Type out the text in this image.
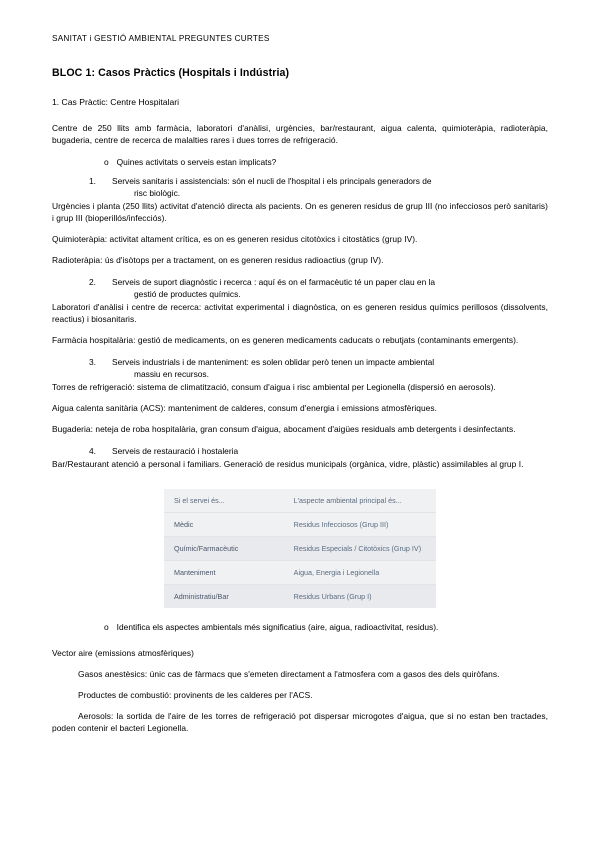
SANITAT i GESTIÓ AMBIENTAL PREGUNTES CURTES
BLOC 1: Casos Pràctics (Hospitals i Indústria)

1. Cas Pràctic: Centre Hospitalari

Centre de 250 llits amb farmàcia, laboratori d'anàlisi, urgències, bar/restaurant, aigua calenta, quimioteràpia, radioteràpia, bugaderia, centre de recerca de malalties rares i dues torres de refrigeració.

o Quines activitats o serveis estan implicats?
1.	Serveis sanitaris i assistencials: són el nucli de l'hospital i els principals generadors de
risc biològic.

Urgències i planta (250 llits) activitat d'atenció directa als pacients. On es generen residus de grup III (no infecciosos però sanitaris) i grup III (bioperillós/infecciós).

Quimioteràpia: activitat altament crítica, es on es generen residus citotòxics i citostàtics (grup IV).

Radioteràpia: ús d'isòtops per a tractament, on es generen residus radioactius (grup IV).

2.	Serveis de suport diagnòstic i recerca : aquí és on el farmacèutic té un paper clau en la
gestió de productes químics.

Laboratori d'anàlisi i centre de recerca: activitat experimental i diagnòstica, on es generen residus químics perillosos (dissolvents, reactius) i biosanitaris.

Farmàcia hospitalària: gestió de medicaments, on es generen medicaments caducats o rebutjats (contaminants emergents).

3.	Serveis industrials i de manteniment: es solen oblidar però tenen un impacte ambiental
massiu en recursos.

Torres de refrigeració: sistema de climatització, consum d'aigua i risc ambiental per Legionella (dispersió en aerosols).

Aigua calenta sanitària (ACS): manteniment de calderes, consum d'energia i emissions atmosfèriques.

Bugaderia: neteja de roba hospitalària, gran consum d'aigua, abocament d'aigües residuals amb detergents i desinfectants.

4.	Serveis de restauració i hostaleria

Bar/Restaurant atenció a personal i familiars. Generació de residus municipals (orgànica, vidre, plàstic) assimilables al grup I.

Si el servei és...	L'aspecte ambiental principal és...
Mèdic	Residus Infecciosos (Grup III)
Químic/Farmacèutic	Residus Especials / Citotòxics (Grup IV)
Manteniment	Aigua, Energia i Legionella
Administratiu/Bar	Residus Urbans (Grup I)
o Identifica els aspectes ambientals més significatius (aire, aigua, radioactivitat, residus).

Vector aire (emissions atmosfèriques)

Gasos anestèsics: únic cas de fàrmacs que s'emeten directament a l'atmosfera com a gasos des dels quiròfans.

Productes de combustió: provinents de les calderes per l'ACS.

Aerosols: la sortida de l'aire de les torres de refrigeració pot dispersar microgotes d'aigua, que si no estan ben tractades, poden contenir el bacteri Legionella.
